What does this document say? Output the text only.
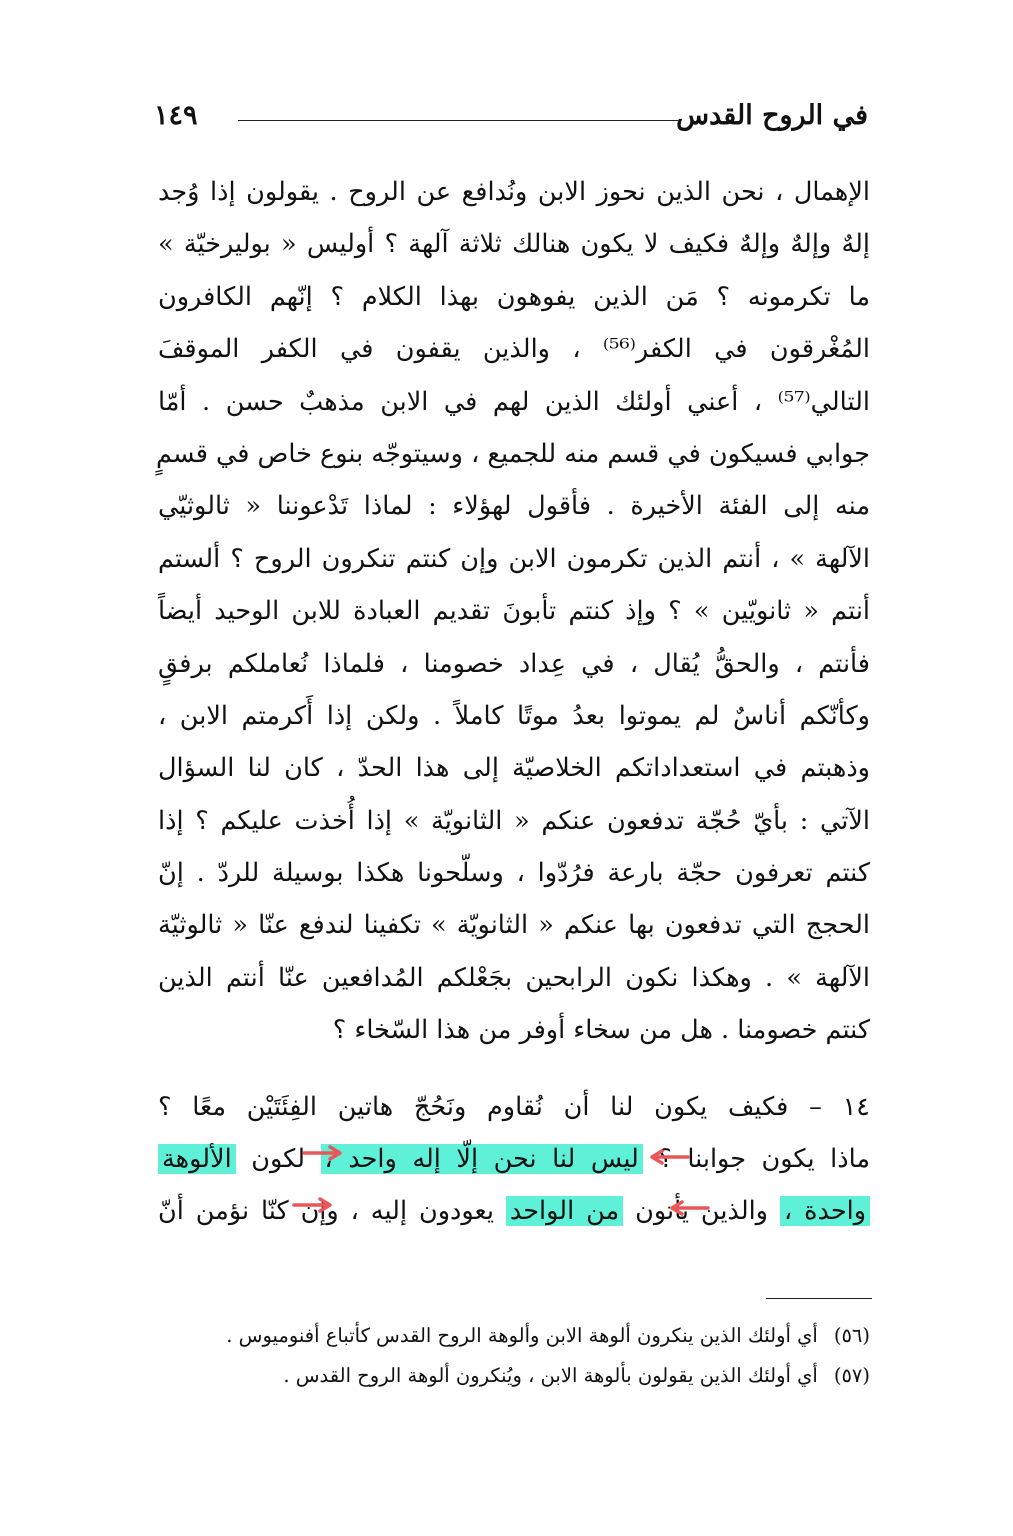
في الروح القدس
١٤٩
الإهمال ، نحن الذين نحوز الابن ونُدافع عن الروح . يقولون إذا وُجد
إلهٌ وإلهٌ وإلهٌ فكيف لا يكون هنالك ثلاثة آلهة ؟ أوليس « بوليرخيّة »
ما تكرمونه ؟ مَن الذين يفوهون بهذا الكلام ؟ إنّهم الكافرون
المُغْرقون في الكفر⁽⁵⁶⁾ ، والذين يقفون في الكفر الموقفَ
التالي⁽⁵⁷⁾ ، أعني أولئك الذين لهم في الابن مذهبٌ حسن . أمّا
جوابي فسيكون في قسم منه للجميع ، وسيتوجّه بنوع خاص في قسمٍ
منه إلى الفئة الأخيرة . فأقول لهؤلاء : لماذا تَدْعوننا « ثالوثيّي
الآلهة » ، أنتم الذين تكرمون الابن وإن كنتم تنكرون الروح ؟ ألستم
أنتم « ثانويّين » ؟ وإذ كنتم تأبونَ تقديم العبادة للابن الوحيد أيضاً
فأنتم ، والحقُّ يُقال ، في عِداد خصومنا ، فلماذا نُعاملكم برفقٍ
وكأنّكم أناسٌ لم يموتوا بعدُ موتًا كاملاً . ولكن إذا أَكرمتم الابن ،
وذهبتم في استعداداتكم الخلاصيّة إلى هذا الحدّ ، كان لنا السؤال
الآتي : بأيّ حُجّة تدفعون عنكم « الثانويّة » إذا أُخذت عليكم ؟ إذا
كنتم تعرفون حجّة بارعة فرُدّوا ، وسلّحونا هكذا بوسيلة للردّ . إنّ
الحجج التي تدفعون بها عنكم « الثانويّة » تكفينا لندفع عنّا « ثالوثيّة
الآلهة » . وهكذا نكون الرابحين بجَعْلكم المُدافعين عنّا أنتم الذين
كنتم خصومنا . هل من سخاء أوفر من هذا السّخاء ؟
١٤ – فكيف يكون لنا أن نُقاوم ونَحُجّ هاتين الفِئَتَيْن معًا ؟
ماذا يكون جوابنا ؟ ليس لنا نحن إلّا إله واحد ، لكون الألوهة
واحدة ، والذين يأتون من الواحد يعودون إليه ، وإن كنّا نؤمن أنّ
(٥٦)أي أولئك الذين ينكرون ألوهة الابن وألوهة الروح القدس كأتباع أفنوميوس .
(٥٧)أي أولئك الذين يقولون بألوهة الابن ، ويُنكرون ألوهة الروح القدس .
